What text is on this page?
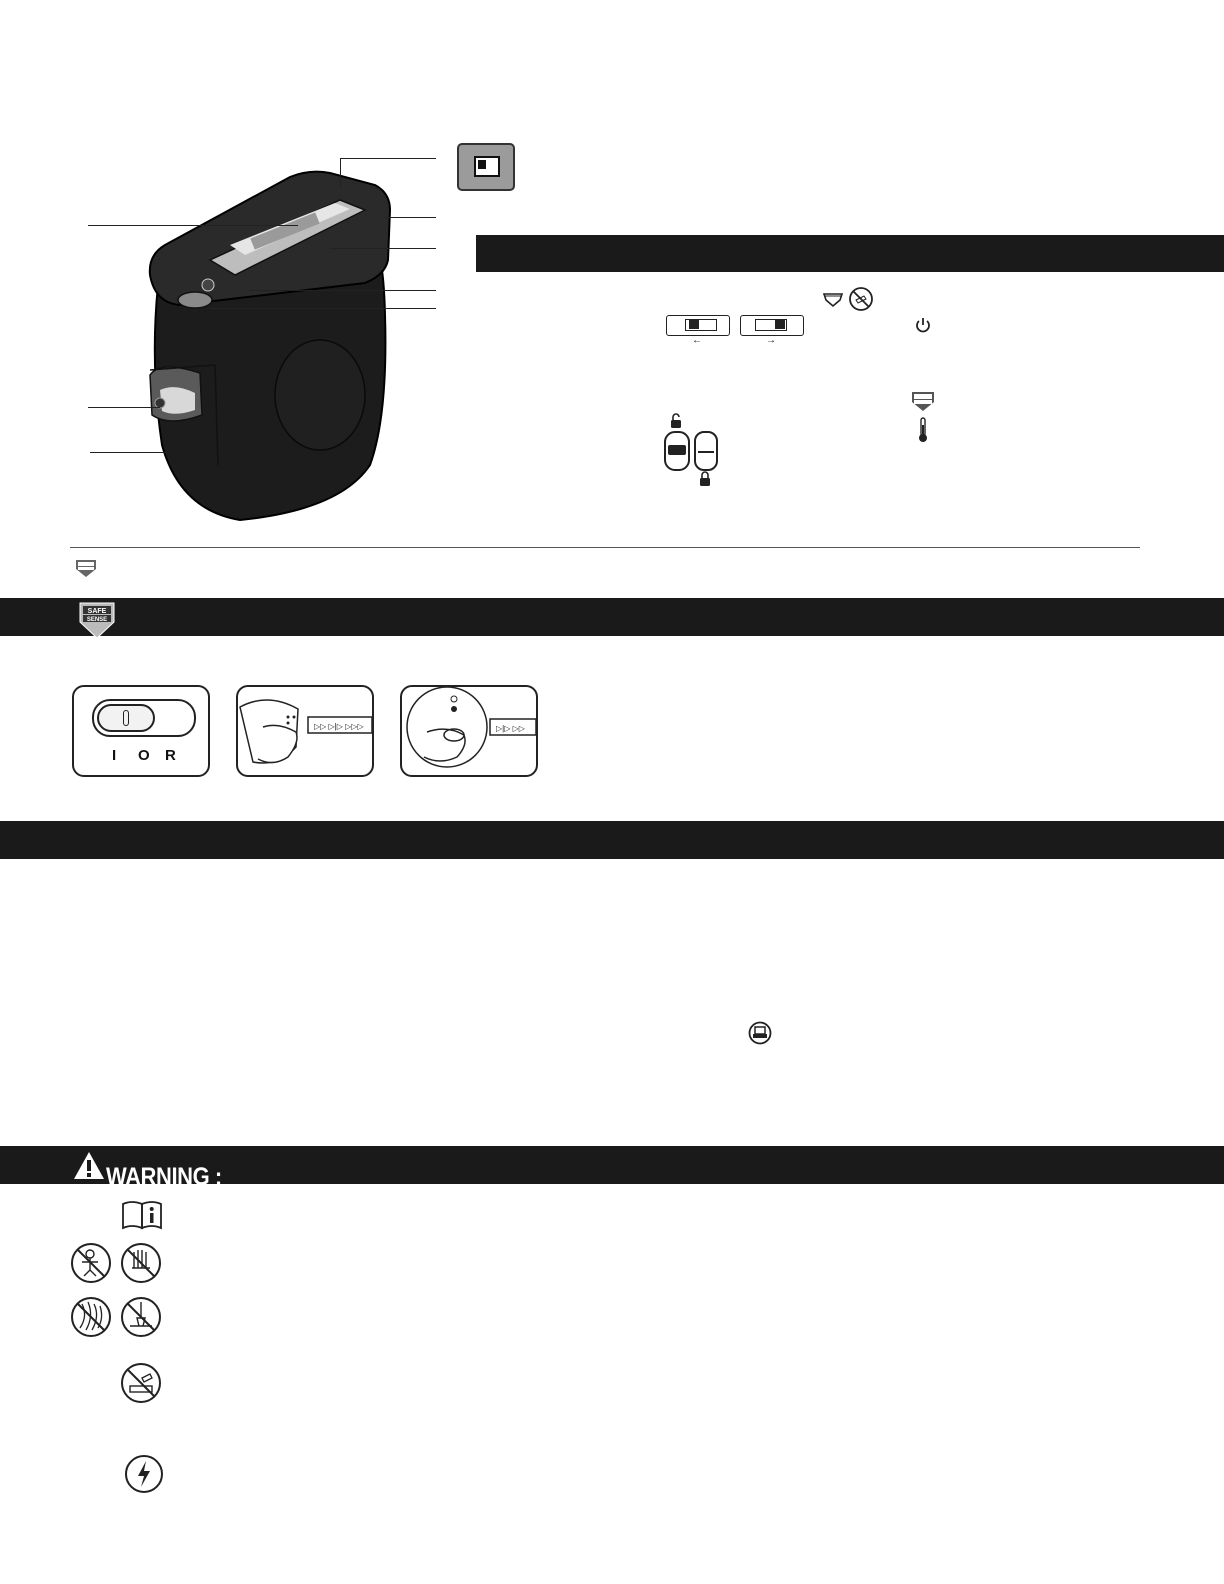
←	→
SAFE
SENSE
I O R
▷▷ ▷|▷ ▷▷▷	▷|▷ ▷▷
WARNING :
